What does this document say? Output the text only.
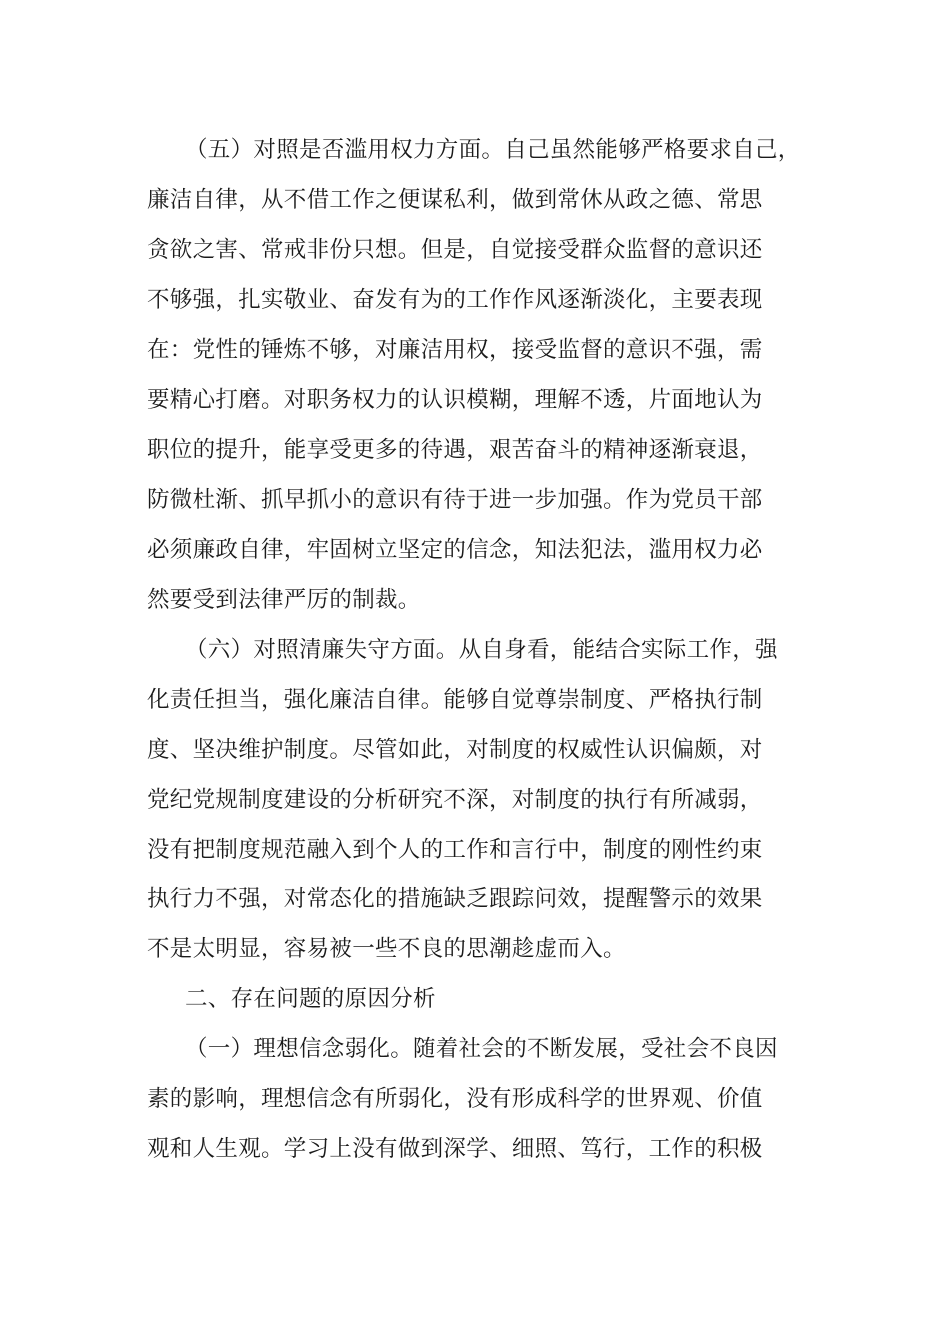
（五）对照是否滥用权力方面。自己虽然能够严格要求自己，
廉洁自律，从不借工作之便谋私利，做到常休从政之德、常思
贪欲之害、常戒非份只想。但是，自觉接受群众监督的意识还
不够强，扎实敬业、奋发有为的工作作风逐渐淡化，主要表现
在：党性的锤炼不够，对廉洁用权，接受监督的意识不强，需
要精心打磨。对职务权力的认识模糊，理解不透，片面地认为
职位的提升，能享受更多的待遇，艰苦奋斗的精神逐渐衰退，
防微杜渐、抓早抓小的意识有待于进一步加强。作为党员干部
必须廉政自律，牢固树立坚定的信念，知法犯法，滥用权力必
然要受到法律严厉的制裁。
（六）对照清廉失守方面。从自身看，能结合实际工作，强
化责任担当，强化廉洁自律。能够自觉尊崇制度、严格执行制
度、坚决维护制度。尽管如此，对制度的权威性认识偏颇，对
党纪党规制度建设的分析研究不深，对制度的执行有所减弱，
没有把制度规范融入到个人的工作和言行中，制度的刚性约束
执行力不强，对常态化的措施缺乏跟踪问效，提醒警示的效果
不是太明显，容易被一些不良的思潮趁虚而入。
二、存在问题的原因分析
（一）理想信念弱化。随着社会的不断发展，受社会不良因
素的影响，理想信念有所弱化，没有形成科学的世界观、价值
观和人生观。学习上没有做到深学、细照、笃行，工作的积极
